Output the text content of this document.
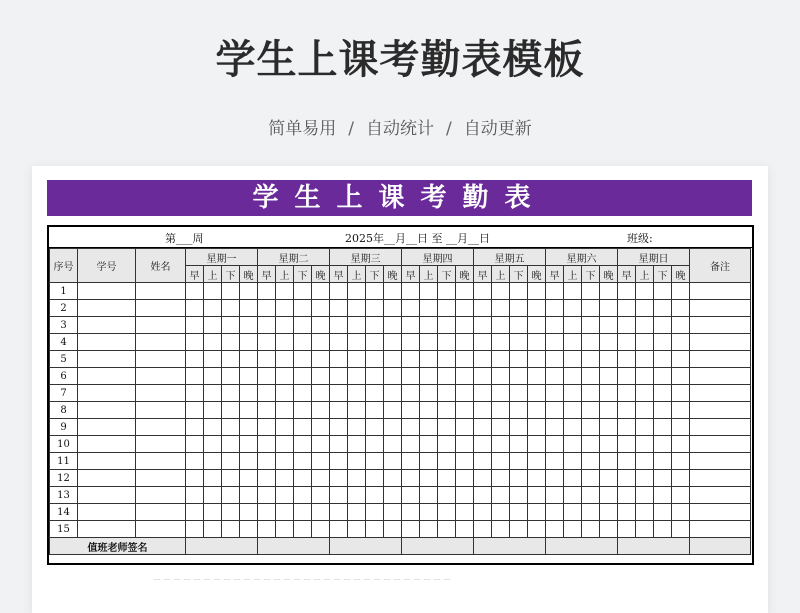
学生上课考勤表模板
简单易用 / 自动统计 / 自动更新
学生上课考勤表
第___周	2025年__月__日 至 __月__日	班级:
序号	学号	姓名	星期一				星期二				星期三				星期四				星期五				星期六				星期日				备注
			早	上	下	晚	早	上	下	晚	早	上	下	晚	早	上	下	晚	早	上	下	晚	早	上	下	晚	早	上	下	晚	
1																															
2																															
3																															
4																															
5																															
6																															
7																															
8																															
9																															
10																															
11																															
12																															
13																															
14																															
15																															
值班老师签名																															
﹍﹍﹍﹍﹍﹍﹍﹍﹍﹍﹍﹍﹍﹍﹍﹍﹍﹍﹍﹍﹍﹍﹍﹍﹍﹍﹍﹍﹍﹍
